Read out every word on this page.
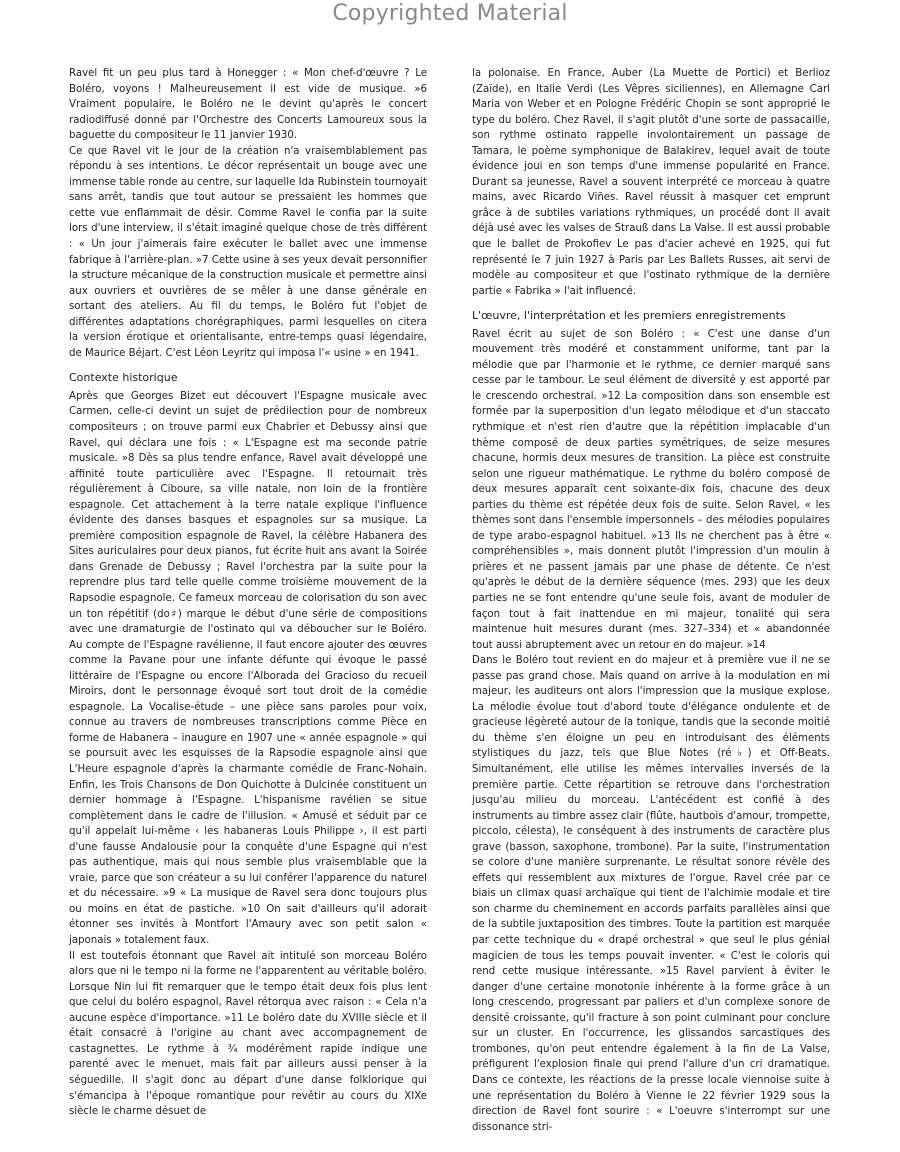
Copyrighted Material

Ravel fit un peu plus tard à Honegger : « Mon chef-d'œuvre ? Le Boléro, voyons ! Malheureusement il est vide de musique. »6 Vraiment populaire, le Boléro ne le devint qu'après le concert radiodiffusé donné par l'Orchestre des Concerts Lamoureux sous la baguette du compositeur le 11 janvier 1930.

Ce que Ravel vit le jour de la création n'a vraisemblablement pas répondu à ses intentions. Le décor représentait un bouge avec une immense table ronde au centre, sur laquelle Ida Rubinstein tournoyait sans arrêt, tandis que tout autour se pressaient les hommes que cette vue enflammait de désir. Comme Ravel le confia par la suite lors d'une interview, il s'était imaginé quelque chose de très différent : « Un jour j'aimerais faire exécuter le ballet avec une immense fabrique à l'arrière-plan. »7 Cette usine à ses yeux devait personnifier la structure mécanique de la construction musicale et permettre ainsi aux ouvriers et ouvrières de se mêler à une danse générale en sortant des ateliers. Au fil du temps, le Boléro fut l'objet de différentes adaptations chorégraphiques, parmi lesquelles on citera la version érotique et orientalisante, entre-temps quasi légendaire, de Maurice Béjart. C'est Léon Leyritz qui imposa l'« usine » en 1941.

Contexte historique

Après que Georges Bizet eut découvert l'Espagne musicale avec Carmen, celle-ci devint un sujet de prédilection pour de nombreux compositeurs ; on trouve parmi eux Chabrier et Debussy ainsi que Ravel, qui déclara une fois : « L'Espagne est ma seconde patrie musicale. »8 Dès sa plus tendre enfance, Ravel avait développé une affinité toute particulière avec l'Espagne. Il retournait très régulièrement à Ciboure, sa ville natale, non loin de la frontière espagnole. Cet attachement à la terre natale explique l'influence évidente des danses basques et espagnoles sur sa musique. La première composition espagnole de Ravel, la célèbre Habanera des Sites auriculaires pour deux pianos, fut écrite huit ans avant la Soirée dans Grenade de Debussy ; Ravel l'orchestra par la suite pour la reprendre plus tard telle quelle comme troisième mouvement de la Rapsodie espagnole. Ce fameux morceau de colorisation du son avec un ton répétitif (do♯) marque le début d'une série de compositions avec une dramaturgie de l'ostinato qui va déboucher sur le Boléro. Au compte de l'Espagne ravélienne, il faut encore ajouter des œuvres comme la Pavane pour une infante défunte qui évoque le passé littéraire de l'Espagne ou encore l'Alborada del Gracioso du recueil Miroirs, dont le personnage évoqué sort tout droit de la comédie espagnole. La Vocalise-étude – une pièce sans paroles pour voix, connue au travers de nombreuses transcriptions comme Pièce en forme de Habanera – inaugure en 1907 une « année espagnole » qui se poursuit avec les esquisses de la Rapsodie espagnole ainsi que L'Heure espagnole d'après la charmante comédie de Franc-Nohain. Enfin, les Trois Chansons de Don Quichotte à Dulcinée constituent un dernier hommage à l'Espagne. L'hispanisme ravélien se situe complètement dans le cadre de l'illusion. « Amusé et séduit par ce qu'il appelait lui-même ‹ les habaneras Louis Philippe ›, il est parti d'une fausse Andalousie pour la conquête d'une Espagne qui n'est pas authentique, mais qui nous semble plus vraisemblable que la vraie, parce que son créateur a su lui conférer l'apparence du naturel et du nécessaire. »9 « La musique de Ravel sera donc toujours plus ou moins en état de pastiche. »10 On sait d'ailleurs qu'il adorait étonner ses invités à Montfort l'Amaury avec son petit salon « japonais » totalement faux.

Il est toutefois étonnant que Ravel ait intitulé son morceau Boléro alors que ni le tempo ni la forme ne l'apparentent au véritable boléro. Lorsque Nin lui fit remarquer que le tempo était deux fois plus lent que celui du boléro espagnol, Ravel rétorqua avec raison : « Cela n'a aucune espèce d'importance. »11 Le boléro date du XVIIIe siècle et il était consacré à l'origine au chant avec accompagnement de castagnettes. Le rythme à ¾ modérément rapide indique une parenté avec le menuet, mais fait par ailleurs aussi penser à la séguedille. Il s'agit donc au départ d'une danse folklorique qui s'émancipa à l'époque romantique pour revêtir au cours du XIXe siècle le charme désuet de

la polonaise. En France, Auber (La Muette de Portici) et Berlioz (Zaïde), en Italie Verdi (Les Vêpres siciliennes), en Allemagne Carl Maria von Weber et en Pologne Frédéric Chopin se sont approprié le type du boléro. Chez Ravel, il s'agit plutôt d'une sorte de passacaille, son rythme ostinato rappelle involontairement un passage de Tamara, le poème symphonique de Balakirev, lequel avait de toute évidence joui en son temps d'une immense popularité en France. Durant sa jeunesse, Ravel a souvent interprété ce morceau à quatre mains, avec Ricardo Viñes. Ravel réussit à masquer cet emprunt grâce à de subtiles variations rythmiques, un procédé dont il avait déjà usé avec les valses de Strauß dans La Valse. Il est aussi probable que le ballet de Prokofiev Le pas d'acier achevé en 1925, qui fut représenté le 7 juin 1927 à Paris par Les Ballets Russes, ait servi de modèle au compositeur et que l'ostinato rythmique de la dernière partie « Fabrika » l'ait influencé.

L'œuvre, l'interprétation et les premiers enregistrements

Ravel écrit au sujet de son Boléro : « C'est une danse d'un mouvement très modéré et constamment uniforme, tant par la mélodie que par l'harmonie et le rythme, ce dernier marqué sans cesse par le tambour. Le seul élément de diversité y est apporté par le crescendo orchestral. »12 La composition dans son ensemble est formée par la superposition d'un legato mélodique et d'un staccato rythmique et n'est rien d'autre que la répétition implacable d'un thème composé de deux parties symétriques, de seize mesures chacune, hormis deux mesures de transition. La pièce est construite selon une rigueur mathématique. Le rythme du boléro composé de deux mesures apparaît cent soixante-dix fois, chacune des deux parties du thème est répétée deux fois de suite. Selon Ravel, « les thèmes sont dans l'ensemble impersonnels – des mélodies populaires de type arabo-espagnol habituel. »13 Ils ne cherchent pas à être « compréhensibles », mais donnent plutôt l'impression d'un moulin à prières et ne passent jamais par une phase de détente. Ce n'est qu'après le début de la dernière séquence (mes. 293) que les deux parties ne se font entendre qu'une seule fois, avant de moduler de façon tout à fait inattendue en mi majeur, tonalité qui sera maintenue huit mesures durant (mes. 327–334) et « abandonnée tout aussi abruptement avec un retour en do majeur. »14

Dans le Boléro tout revient en do majeur et à première vue il ne se passe pas grand chose. Mais quand on arrive à la modulation en mi majeur, les auditeurs ont alors l'impression que la musique explose. La mélodie évolue tout d'abord toute d'élégance ondulente et de gracieuse légèreté autour de la tonique, tandis que la seconde moitié du thème s'en éloigne un peu en introduisant des éléments stylistiques du jazz, tels que Blue Notes (ré♭) et Off-Beats. Simultanément, elle utilise les mêmes intervalles inversés de la première partie. Cette répartition se retrouve dans l'orchestration jusqu'au milieu du morceau. L'antécédent est confié à des instruments au timbre assez clair (flûte, hautbois d'amour, trompette, piccolo, célesta), le conséquent à des instruments de caractère plus grave (basson, saxophone, trombone). Par la suite, l'instrumentation se colore d'une manière surprenante. Le résultat sonore révèle des effets qui ressemblent aux mixtures de l'orgue. Ravel crée par ce biais un climax quasi archaïque qui tient de l'alchimie modale et tire son charme du cheminement en accords parfaits parallèles ainsi que de la subtile juxtaposition des timbres. Toute la partition est marquée par cette technique du « drapé orchestral » que seul le plus génial magicien de tous les temps pouvait inventer. « C'est le coloris qui rend cette musique intéressante. »15 Ravel parvient à éviter le danger d'une certaine monotonie inhérente à la forme grâce à un long crescendo, progressant par paliers et d'un complexe sonore de densité croissante, qu'il fracture à son point culminant pour conclure sur un cluster. En l'occurrence, les glissandos sarcastiques des trombones, qu'on peut entendre également à la fin de La Valse, préfigurent l'explosion finale qui prend l'allure d'un cri dramatique. Dans ce contexte, les réactions de la presse locale viennoise suite à une représentation du Boléro à Vienne le 22 février 1929 sous la direction de Ravel font sourire : « L'oeuvre s'interrompt sur une dissonance stri-
